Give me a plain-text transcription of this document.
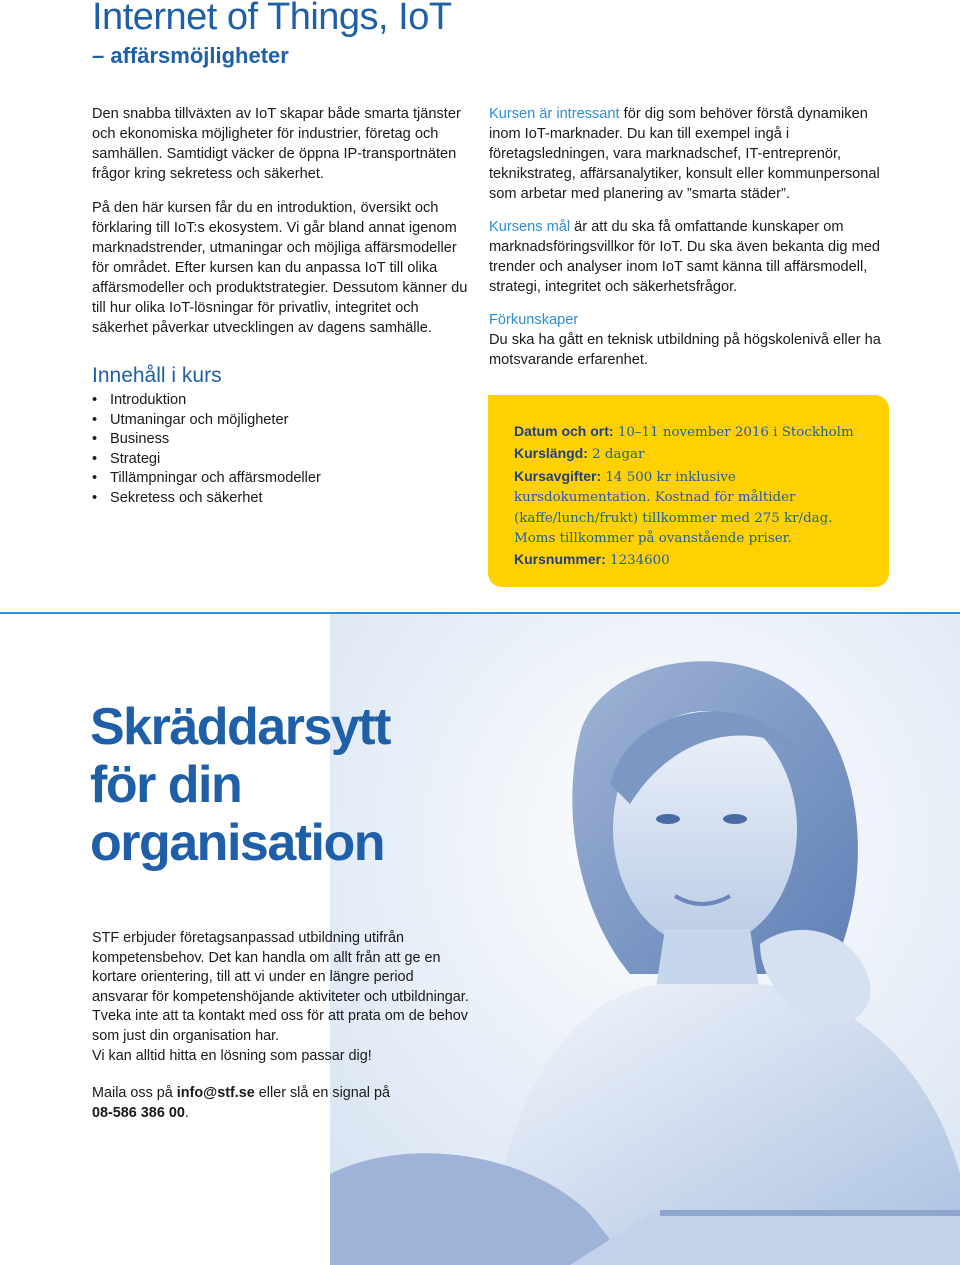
Internet of Things, IoT
– affärsmöjligheter

Den snabba tillväxten av IoT skapar både smarta tjänster och ekonomiska möjligheter för industrier, företag och samhällen. Samtidigt väcker de öppna IP-transportnäten frågor kring sekretess och säkerhet.

På den här kursen får du en introduktion, översikt och förklaring till IoT:s ekosystem. Vi går bland annat igenom marknadstrender, utmaningar och möjliga affärsmodeller för området. Efter kursen kan du anpassa IoT till olika affärsmodeller och produktstrategier. Dessutom känner du till hur olika IoT-lösningar för privatliv, integritet och säkerhet påverkar utvecklingen av dagens samhälle.

Innehåll i kurs
• Introduktion
• Utmaningar och möjligheter
• Business
• Strategi
• Tillämpningar och affärsmodeller
• Sekretess och säkerhet

Kursen är intressant för dig som behöver förstå dynamiken inom IoT-marknader. Du kan till exempel ingå i företagsledningen, vara marknadschef, IT-entreprenör, teknikstrateg, affärsanalytiker, konsult eller kommunpersonal som arbetar med planering av ”smarta städer”.

Kursens mål är att du ska få omfattande kunskaper om marknadsföringsvillkor för IoT. Du ska även bekanta dig med trender och analyser inom IoT samt känna till affärsmodell, strategi, integritet och säkerhetsfrågor.

Förkunskaper
Du ska ha gått en teknisk utbildning på högskolenivå eller ha motsvarande erfarenhet.

Datum och ort: 10–11 november 2016 i Stockholm

Kurslängd: 2 dagar

Kursavgifter: 14 500 kr inklusive kursdokumentation. Kostnad för måltider (kaffe/lunch/frukt) tillkommer med 275 kr/dag. Moms tillkommer på ovanstående priser.

Kursnummer: 1234600

Skräddarsytt
för din
organisation

STF erbjuder företagsanpassad utbildning utifrån kompetensbehov. Det kan handla om allt från att ge en kortare orientering, till att vi under en längre period ansvarar för kompetenshöjande aktiviteter och utbildningar. Tveka inte att ta kontakt med oss för att prata om de behov som just din organisation har.
Vi kan alltid hitta en lösning som passar dig!

Maila oss på info@stf.se eller slå en signal på
08-586 386 00.
